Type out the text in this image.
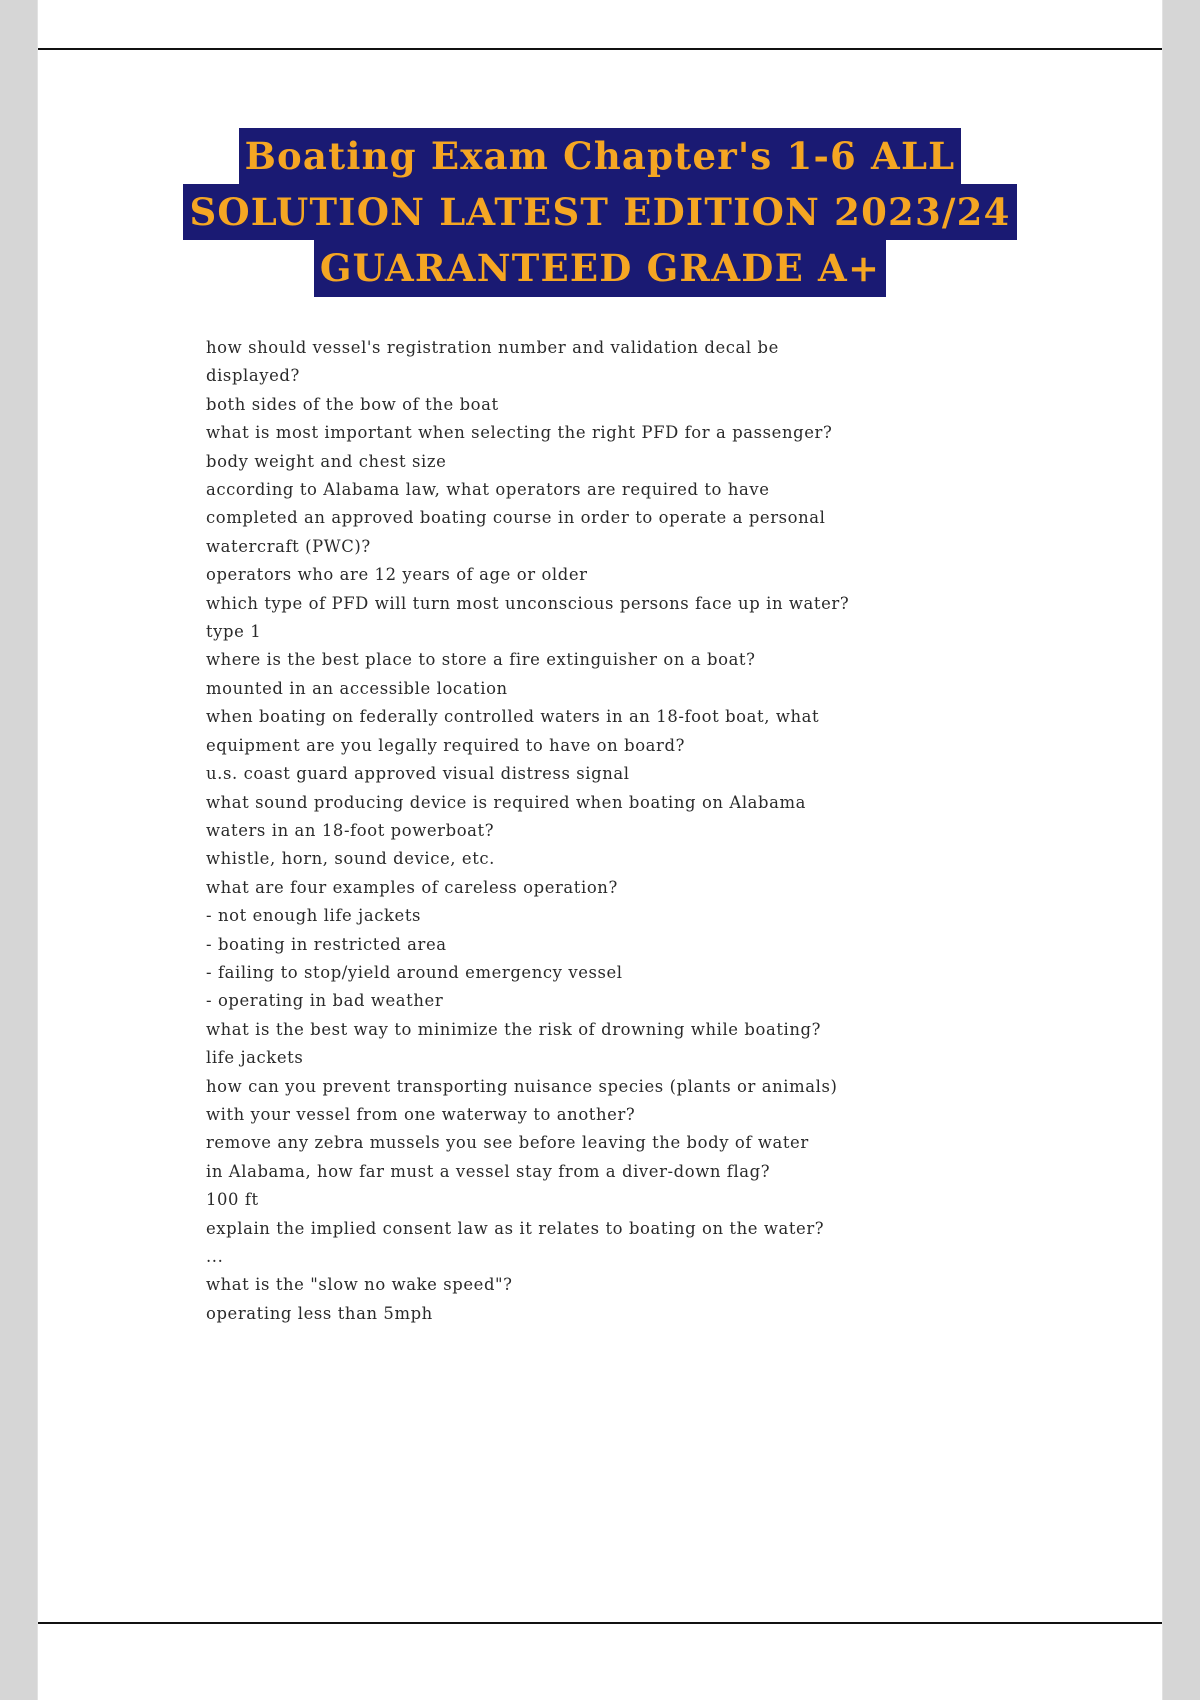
Boating Exam Chapter's 1-6 ALL
SOLUTION LATEST EDITION 2023/24
GUARANTEED GRADE A+

how should vessel's registration number and validation decal be

displayed?

both sides of the bow of the boat

what is most important when selecting the right PFD for a passenger?

body weight and chest size

according to Alabama law, what operators are required to have

completed an approved boating course in order to operate a personal

watercraft (PWC)?

operators who are 12 years of age or older

which type of PFD will turn most unconscious persons face up in water?

type 1

where is the best place to store a fire extinguisher on a boat?

mounted in an accessible location

when boating on federally controlled waters in an 18-foot boat, what

equipment are you legally required to have on board?

u.s. coast guard approved visual distress signal

what sound producing device is required when boating on Alabama

waters in an 18-foot powerboat?

whistle, horn, sound device, etc.

what are four examples of careless operation?

- not enough life jackets

- boating in restricted area

- failing to stop/yield around emergency vessel

- operating in bad weather

what is the best way to minimize the risk of drowning while boating?

life jackets

how can you prevent transporting nuisance species (plants or animals)

with your vessel from one waterway to another?

remove any zebra mussels you see before leaving the body of water

in Alabama, how far must a vessel stay from a diver-down flag?

100 ft

explain the implied consent law as it relates to boating on the water?

...

what is the "slow no wake speed"?

operating less than 5mph
